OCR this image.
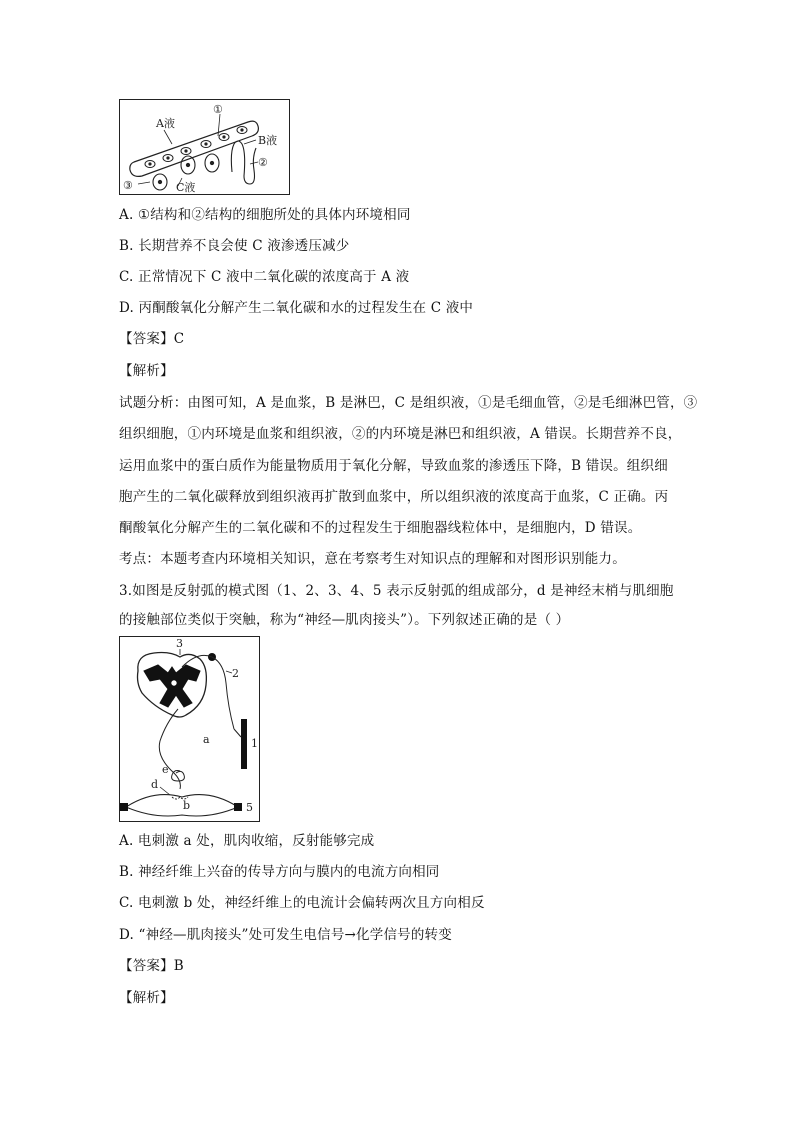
A液
①
B液
②
③	C液
A. ①结构和②结构的细胞所处的具体内环境相同
B. 长期营养不良会使 C 液渗透压减少
C. 正常情况下 C 液中二氧化碳的浓度高于 A 液
D. 丙酮酸氧化分解产生二氧化碳和水的过程发生在 C 液中
【答案】C
【解析】
试题分析：由图可知，A 是血浆，B 是淋巴，C 是组织液，①是毛细血管，②是毛细淋巴管，③
组织细胞，①内环境是血浆和组织液，②的内环境是淋巴和组织液，A 错误。长期营养不良，
运用血浆中的蛋白质作为能量物质用于氧化分解，导致血浆的渗透压下降，B 错误。组织细
胞产生的二氧化碳释放到组织液再扩散到血浆中，所以组织液的浓度高于血浆，C 正确。丙
酮酸氧化分解产生的二氧化碳和不的过程发生于细胞器线粒体中，是细胞内，D 错误。
考点：本题考查内环境相关知识，意在考察考生对知识点的理解和对图形识别能力。
3.如图是反射弧的模式图（1、2、3、4、5 表示反射弧的组成部分，d 是神经末梢与肌细胞
的接触部位类似于突触，称为“神经—肌肉接头”）。下列叙述正确的是（ ）
3
2
1
a
e
d
b	5
A. 电刺激 a 处，肌肉收缩，反射能够完成
B. 神经纤维上兴奋的传导方向与膜内的电流方向相同
C. 电刺激 b 处，神经纤维上的电流计会偏转两次且方向相反
D. “神经—肌肉接头”处可发生电信号→化学信号的转变
【答案】B
【解析】
